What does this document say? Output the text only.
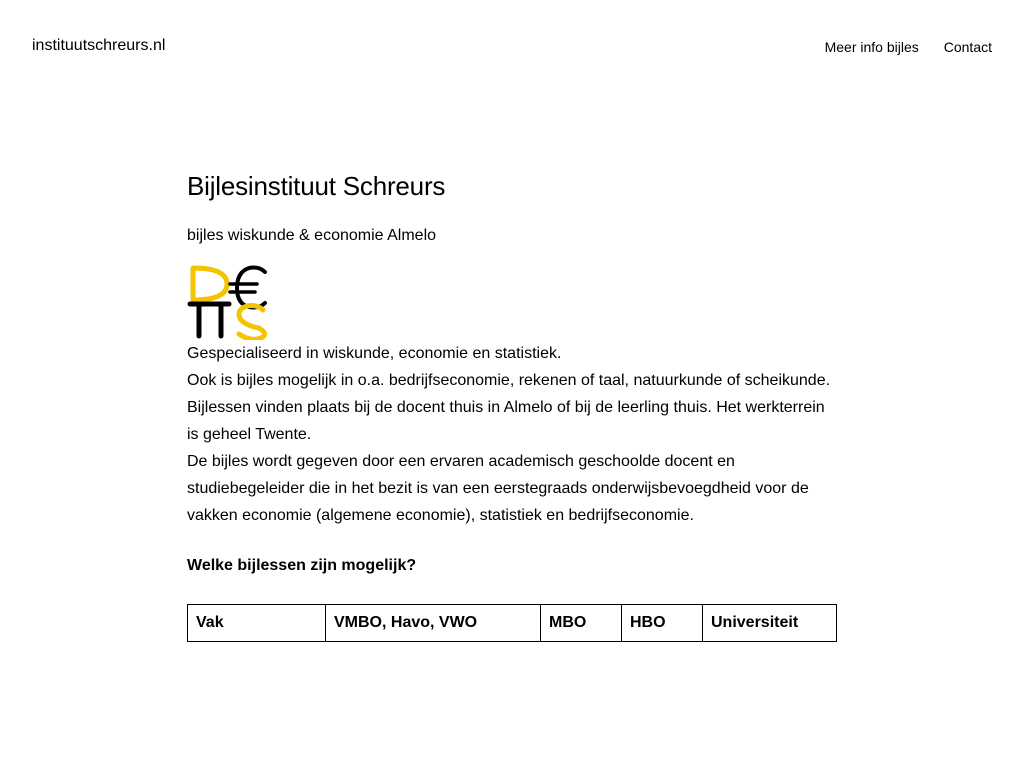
instituutschreurs.nl	Meer info bijles Contact
Bijlesinstituut Schreurs

bijles wiskunde & economie Almelo

Gespecialiseerd in wiskunde, economie en statistiek.

Ook is bijles mogelijk in o.a. bedrijfseconomie, rekenen of taal, natuurkunde of scheikunde.

Bijlessen vinden plaats bij de docent thuis in Almelo of bij de leerling thuis. Het werkterrein is geheel Twente.

De bijles wordt gegeven door een ervaren academisch geschoolde docent en studiebegeleider die in het bezit is van een eerstegraads onderwijsbevoegdheid voor de vakken economie (algemene economie), statistiek en bedrijfseconomie.

Welke bijlessen zijn mogelijk?
Vak	VMBO, Havo, VWO	MBO	HBO	Universiteit
